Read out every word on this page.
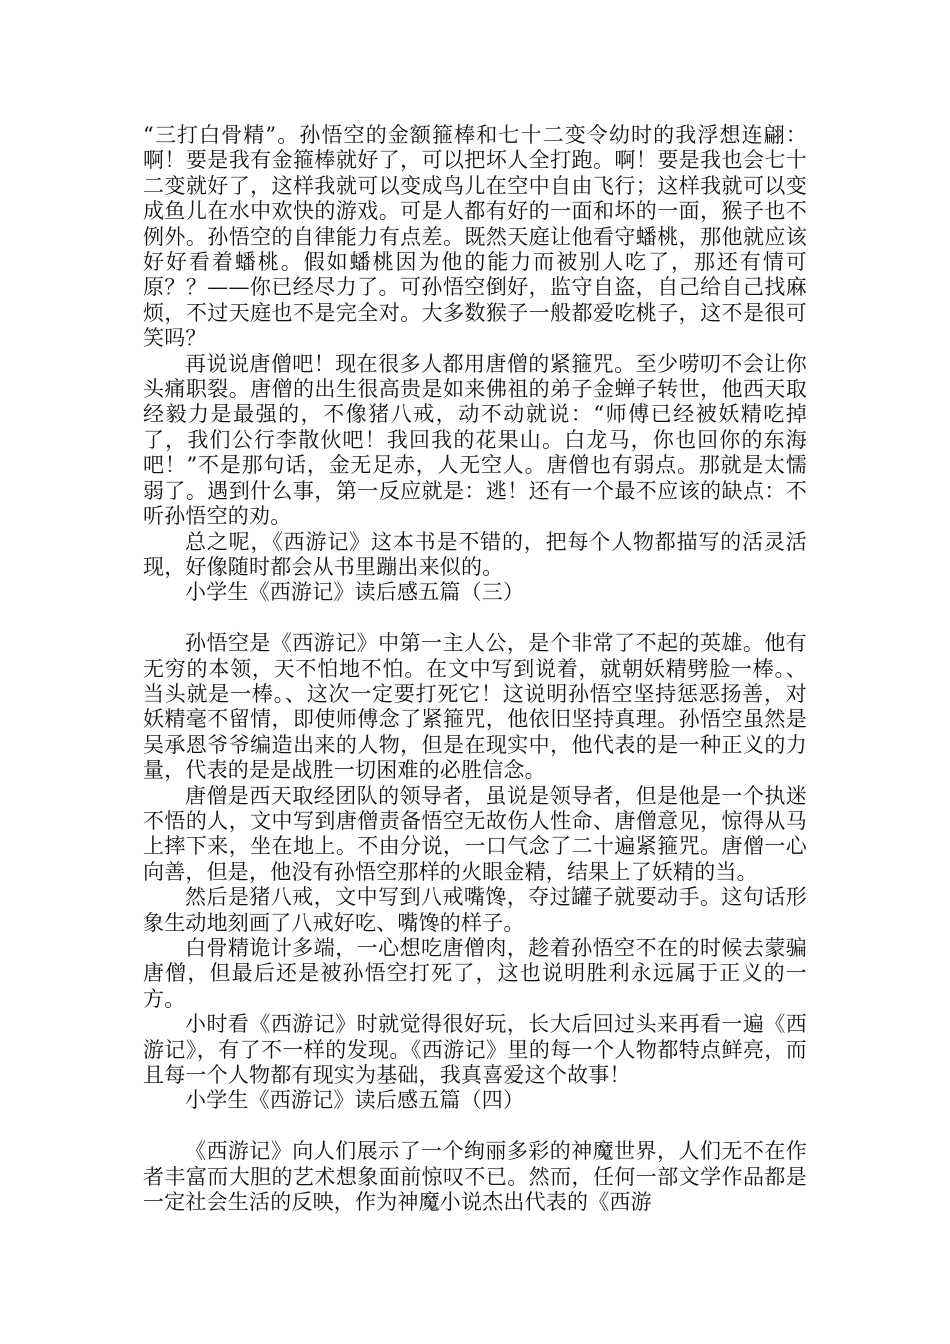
“三打白骨精”。孙悟空的金额箍棒和七十二变令幼时的我浮想连翩：啊！要是我有金箍棒就好了，可以把坏人全打跑。啊！要是我也会七十二变就好了，这样我就可以变成鸟儿在空中自由飞行；这样我就可以变成鱼儿在水中欢快的游戏。可是人都有好的一面和坏的一面，猴子也不例外。孙悟空的自律能力有点差。既然天庭让他看守蟠桃，那他就应该好好看着蟠桃。假如蟠桃因为他的能力而被别人吃了，那还有情可原？？——你已经尽力了。可孙悟空倒好，监守自盗，自己给自己找麻烦，不过天庭也不是完全对。大多数猴子一般都爱吃桃子，这不是很可笑吗？

再说说唐僧吧！现在很多人都用唐僧的紧箍咒。至少唠叨不会让你头痛职裂。唐僧的出生很高贵是如来佛祖的弟子金蝉子转世，他西天取经毅力是最强的，不像猪八戒，动不动就说：“师傅已经被妖精吃掉了，我们公行李散伙吧！我回我的花果山。白龙马，你也回你的东海吧！”不是那句话，金无足赤，人无空人。唐僧也有弱点。那就是太懦弱了。遇到什么事，第一反应就是：逃！还有一个最不应该的缺点：不听孙悟空的劝。

总之呢，《西游记》这本书是不错的，把每个人物都描写的活灵活现，好像随时都会从书里蹦出来似的。

小学生《西游记》读后感五篇（三）

孙悟空是《西游记》中第一主人公，是个非常了不起的英雄。他有无穷的本领，天不怕地不怕。在文中写到说着，就朝妖精劈脸一棒。、当头就是一棒。、这次一定要打死它！这说明孙悟空坚持惩恶扬善，对妖精毫不留情，即使师傅念了紧箍咒，他依旧坚持真理。孙悟空虽然是吴承恩爷爷编造出来的人物，但是在现实中，他代表的是一种正义的力量，代表的是是战胜一切困难的必胜信念。

唐僧是西天取经团队的领导者，虽说是领导者，但是他是一个执迷不悟的人，文中写到唐僧责备悟空无故伤人性命、唐僧意见，惊得从马上摔下来，坐在地上。不由分说，一口气念了二十遍紧箍咒。唐僧一心向善，但是，他没有孙悟空那样的火眼金精，结果上了妖精的当。

然后是猪八戒，文中写到八戒嘴馋，夺过罐子就要动手。这句话形象生动地刻画了八戒好吃、嘴馋的样子。

白骨精诡计多端，一心想吃唐僧肉，趁着孙悟空不在的时候去蒙骗唐僧，但最后还是被孙悟空打死了，这也说明胜利永远属于正义的一方。

小时看《西游记》时就觉得很好玩，长大后回过头来再看一遍《西游记》，有了不一样的发现。《西游记》里的每一个人物都特点鲜亮，而且每一个人物都有现实为基础，我真喜爱这个故事！

小学生《西游记》读后感五篇（四）

《西游记》向人们展示了一个绚丽多彩的神魔世界，人们无不在作者丰富而大胆的艺术想象面前惊叹不已。然而，任何一部文学作品都是一定社会生活的反映，作为神魔小说杰出代表的《西游
